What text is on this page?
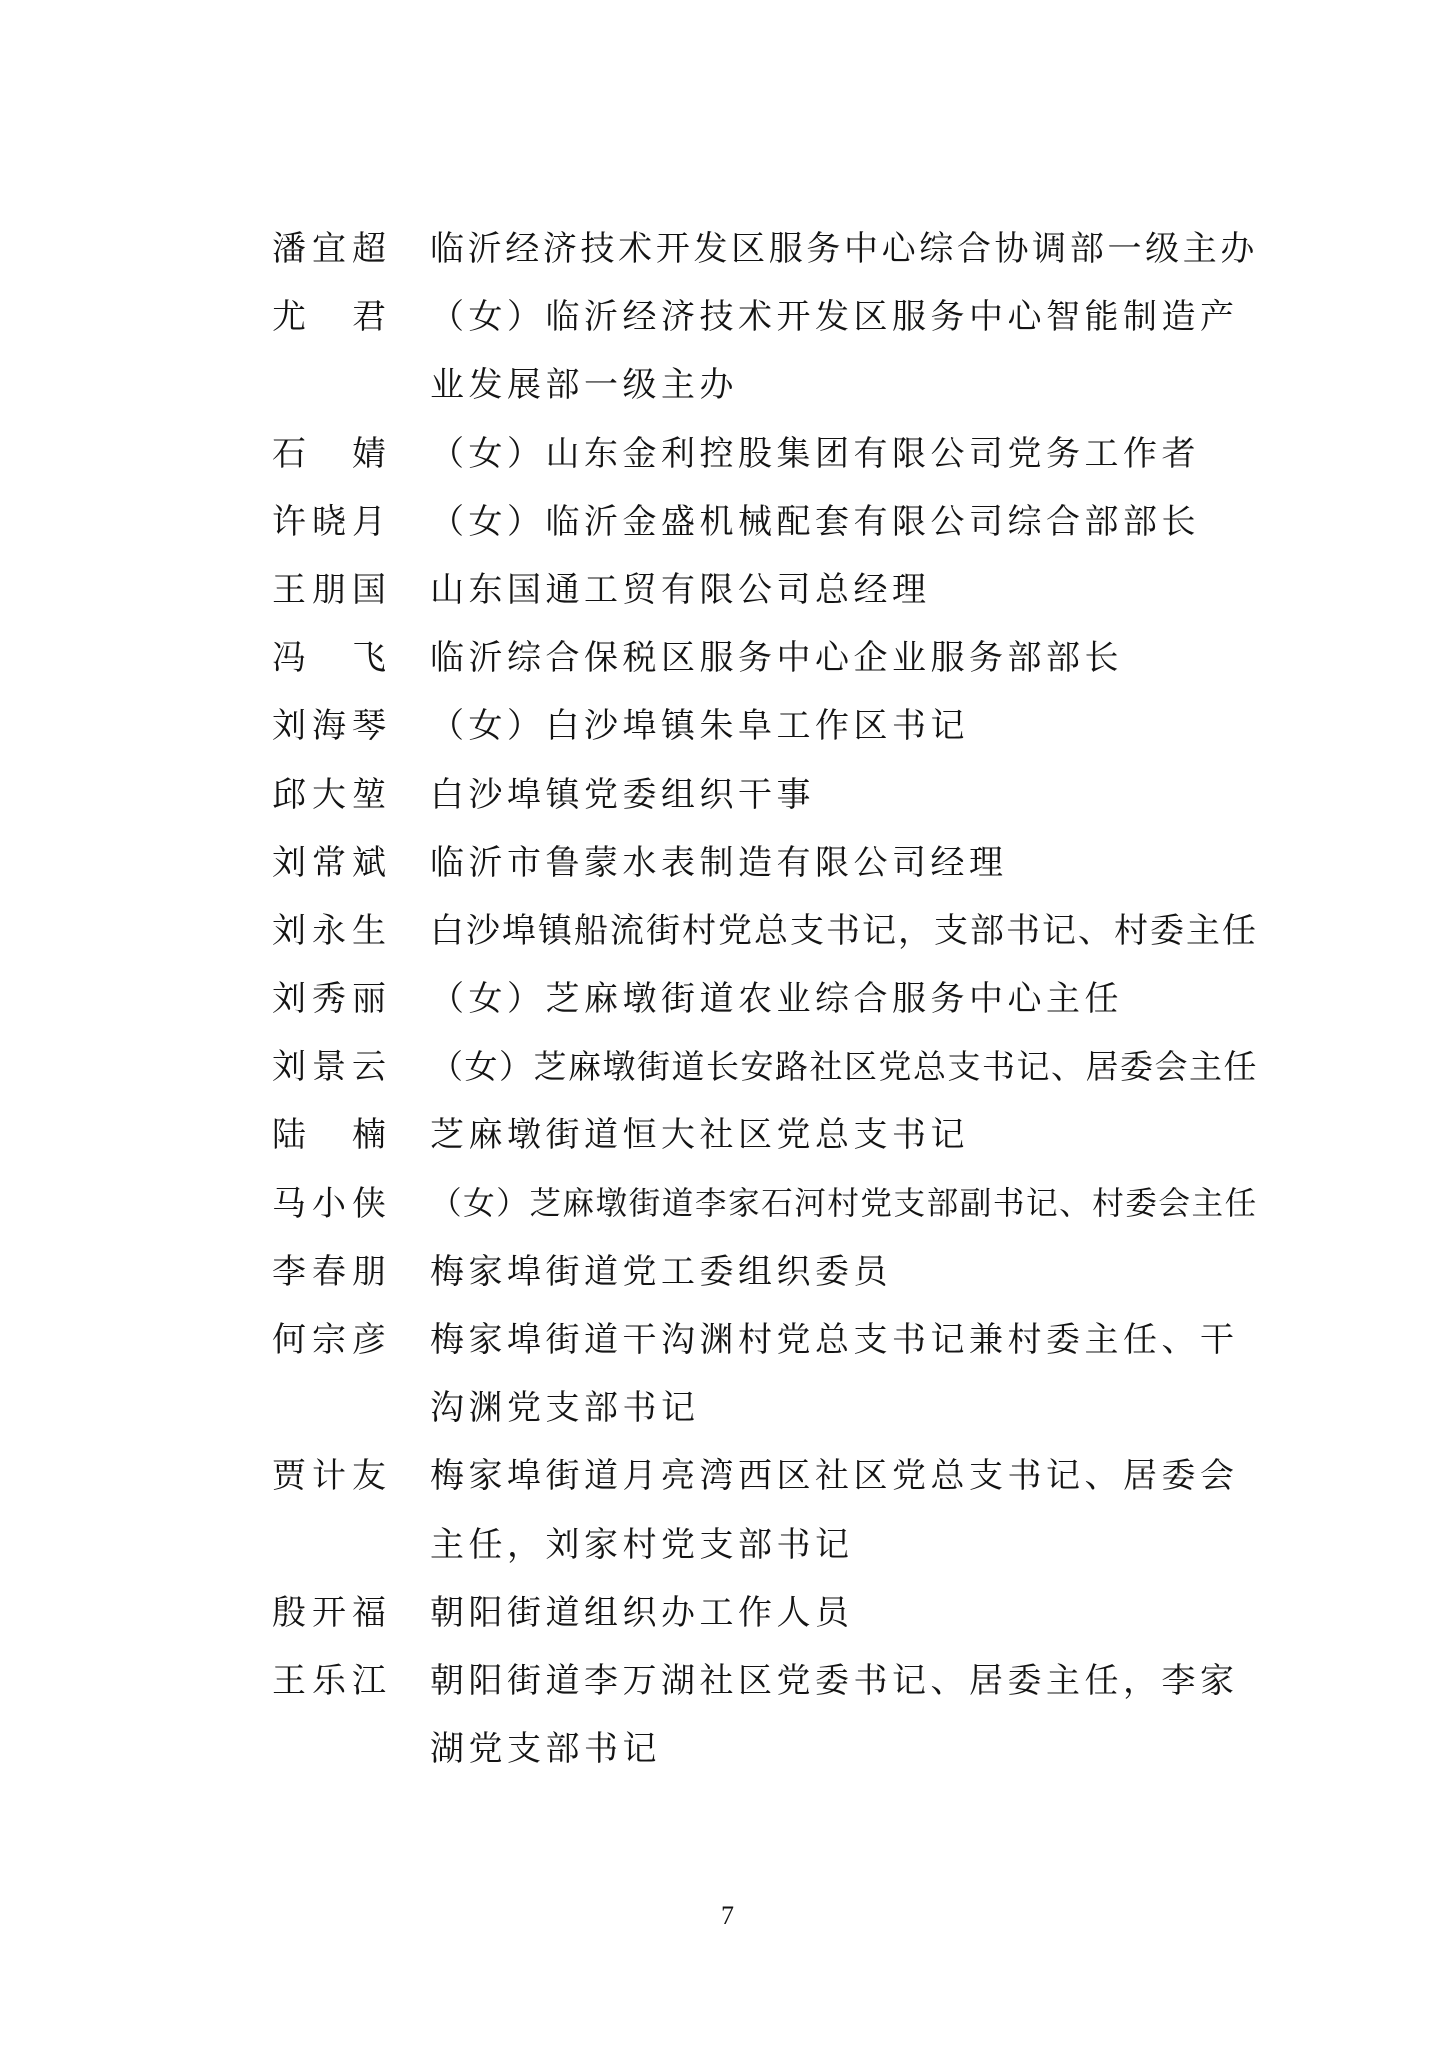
潘宜超 临沂经济技术开发区服务中心综合协调部一级主办
尤 君 （女）临沂经济技术开发区服务中心智能制造产
业发展部一级主办
石 婧 （女）山东金利控股集团有限公司党务工作者
许晓月 （女）临沂金盛机械配套有限公司综合部部长
王朋国 山东国通工贸有限公司总经理
冯 飞 临沂综合保税区服务中心企业服务部部长
刘海琴 （女）白沙埠镇朱阜工作区书记
邱大堃 白沙埠镇党委组织干事
刘常斌 临沂市鲁蒙水表制造有限公司经理
刘永生 白沙埠镇船流街村党总支书记，支部书记、村委主任
刘秀丽 （女）芝麻墩街道农业综合服务中心主任
刘景云 （女）芝麻墩街道长安路社区党总支书记、居委会主任
陆 楠 芝麻墩街道恒大社区党总支书记
马小侠 （女）芝麻墩街道李家石河村党支部副书记、村委会主任
李春朋 梅家埠街道党工委组织委员
何宗彦 梅家埠街道干沟渊村党总支书记兼村委主任、干
沟渊党支部书记
贾计友 梅家埠街道月亮湾西区社区党总支书记、居委会
主任，刘家村党支部书记
殷开福 朝阳街道组织办工作人员
王乐江 朝阳街道李万湖社区党委书记、居委主任，李家
湖党支部书记
7
